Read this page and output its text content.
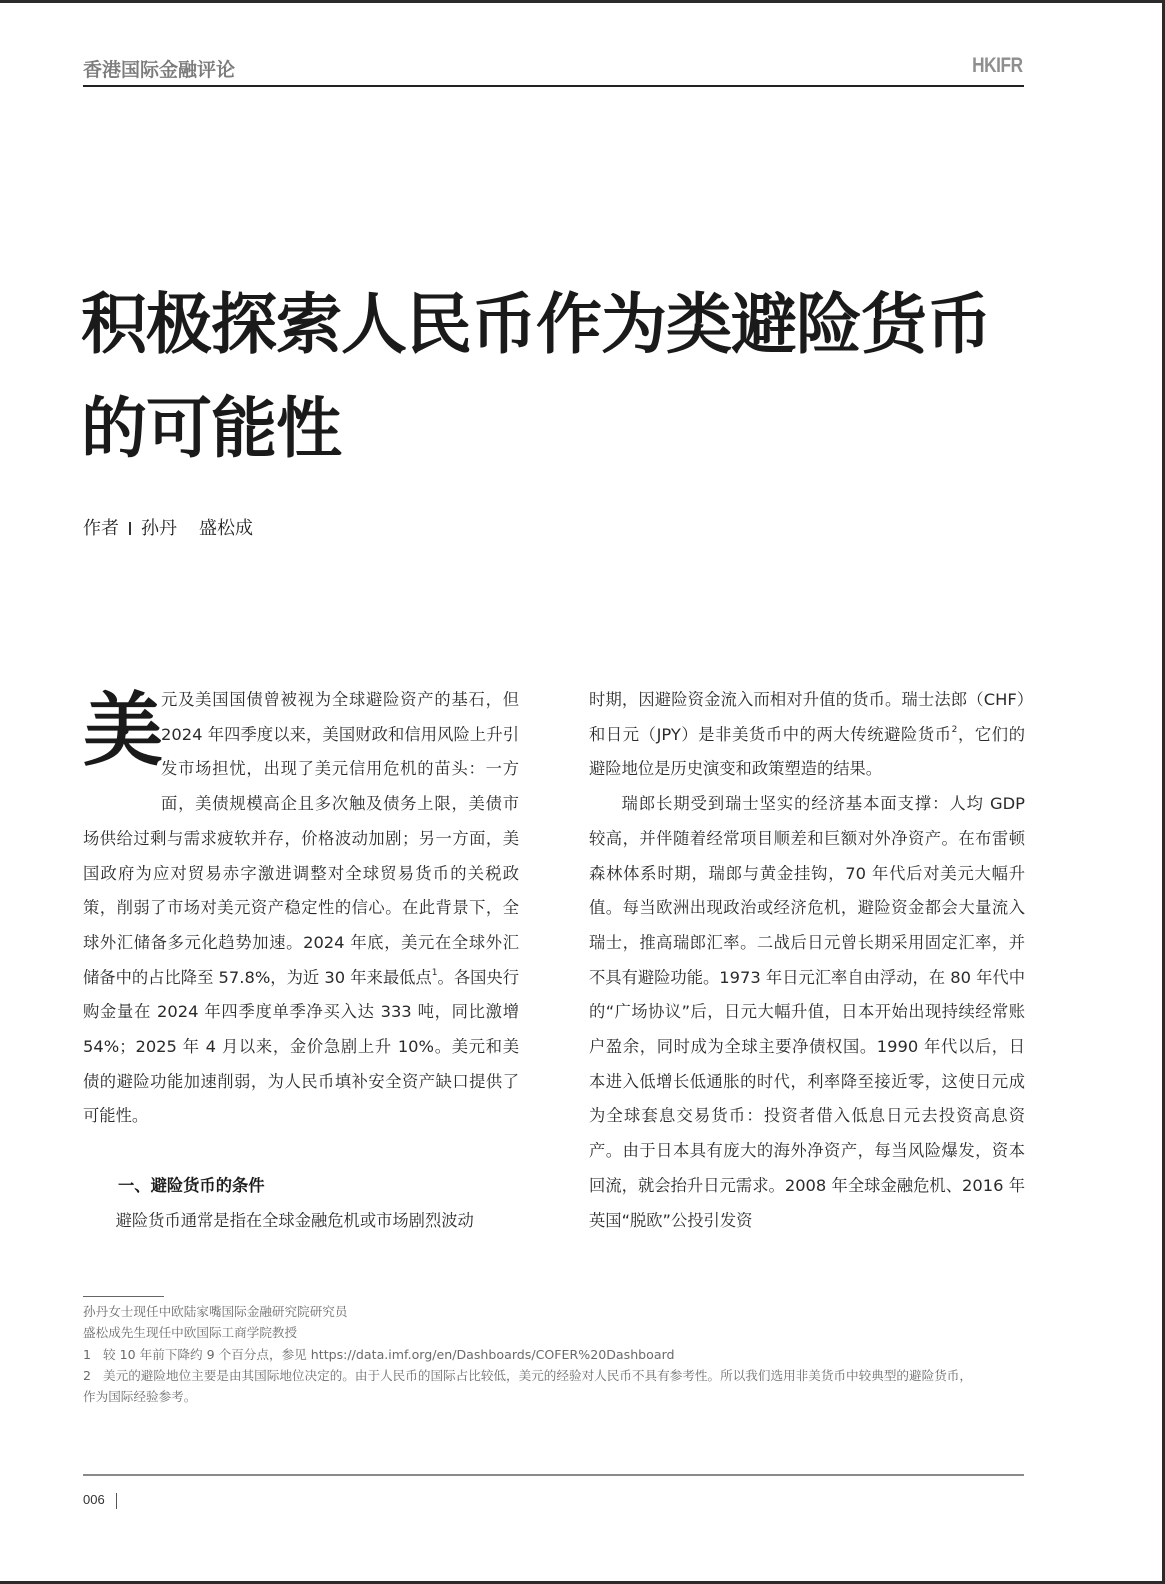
香港国际金融评论	HKIFR
积极探索人民币作为类避险货币
的可能性
作者 孙丹 盛松成

美
元及美国国债曾被视为全球避险资产的基石，但 2024 年四季度以来，美国财政和信用风险上升引发市场担忧，出现了美元信用危机的苗头：一方面，美债规模高企且多次触及债务上限，美债市场供给过剩与需求疲软并存，价格波动加剧；另一方面，美国政府为应对贸易赤字激进调整对全球贸易货币的关税政策，削弱了市场对美元资产稳定性的信心。在此背景下，全球外汇储备多元化趋势加速。2024 年底，美元在全球外汇储备中的占比降至 57.8%，为近 30 年来最低点$^1$。各国央行购金量在 2024 年四季度单季净买入达 333 吨，同比激增 54%；2025 年 4 月以来，金价急剧上升 10%。美元和美债的避险功能加速削弱，为人民币填补安全资产缺口提供了可能性。

一、避险货币的条件

避险货币通常是指在全球金融危机或市场剧烈波动

时期，因避险资金流入而相对升值的货币。瑞士法郎（CHF）和日元（JPY）是非美货币中的两大传统避险货币$^2$，它们的避险地位是历史演变和政策塑造的结果。

瑞郎长期受到瑞士坚实的经济基本面支撑：人均 GDP 较高，并伴随着经常项目顺差和巨额对外净资产。在布雷顿森林体系时期，瑞郎与黄金挂钩，70 年代后对美元大幅升值。每当欧洲出现政治或经济危机，避险资金都会大量流入瑞士，推高瑞郎汇率。二战后日元曾长期采用固定汇率，并不具有避险功能。1973 年日元汇率自由浮动，在 80 年代中的“广场协议”后，日元大幅升值，日本开始出现持续经常账户盈余，同时成为全球主要净债权国。1990 年代以后，日本进入低增长低通胀的时代，利率降至接近零，这使日元成为全球套息交易货币：投资者借入低息日元去投资高息资产。由于日本具有庞大的海外净资产，每当风险爆发，资本回流，就会抬升日元需求。2008 年全球金融危机、2016 年英国“脱欧”公投引发资

孙丹女士现任中欧陆家嘴国际金融研究院研究员
盛松成先生现任中欧国际工商学院教授
1 较 10 年前下降约 9 个百分点，参见 https://data.imf.org/en/Dashboards/COFER%20Dashboard
2 美元的避险地位主要是由其国际地位决定的。由于人民币的国际占比较低，美元的经验对人民币不具有参考性。所以我们选用非美货币中较典型的避险货币，
作为国际经验参考。
006
